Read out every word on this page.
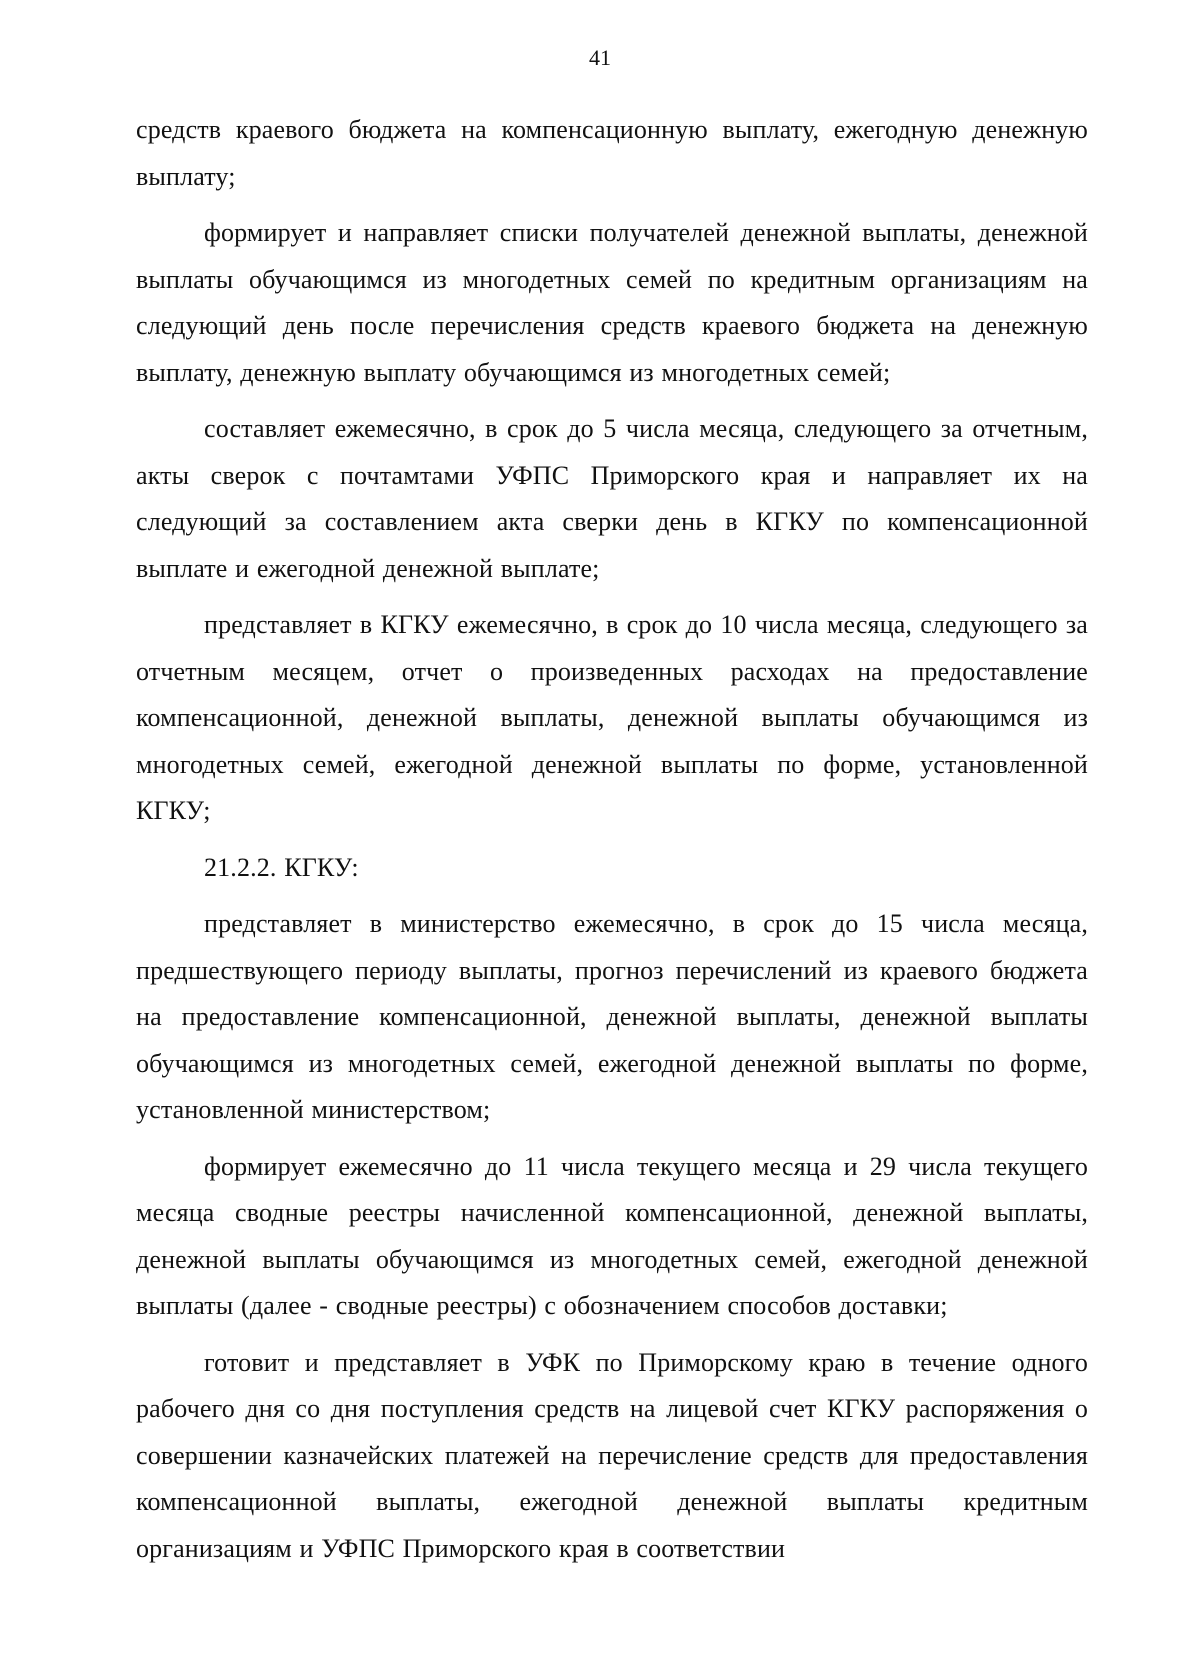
41

средств краевого бюджета на компенсационную выплату, ежегодную денежную выплату;

формирует и направляет списки получателей денежной выплаты, денежной выплаты обучающимся из многодетных семей по кредитным организациям на следующий день после перечисления средств краевого бюджета на денежную выплату, денежную выплату обучающимся из многодетных семей;

составляет ежемесячно, в срок до 5 числа месяца, следующего за отчетным, акты сверок с почтамтами УФПС Приморского края и направляет их на следующий за составлением акта сверки день в КГКУ по компенсационной выплате и ежегодной денежной выплате;

представляет в КГКУ ежемесячно, в срок до 10 числа месяца, следующего за отчетным месяцем, отчет о произведенных расходах на предоставление компенсационной, денежной выплаты, денежной выплаты обучающимся из многодетных семей, ежегодной денежной выплаты по форме, установленной КГКУ;

21.2.2. КГКУ:

представляет в министерство ежемесячно, в срок до 15 числа месяца, предшествующего периоду выплаты, прогноз перечислений из краевого бюджета на предоставление компенсационной, денежной выплаты, денежной выплаты обучающимся из многодетных семей, ежегодной денежной выплаты по форме, установленной министерством;

формирует ежемесячно до 11 числа текущего месяца и 29 числа текущего месяца сводные реестры начисленной компенсационной, денежной выплаты, денежной выплаты обучающимся из многодетных семей, ежегодной денежной выплаты (далее - сводные реестры) с обозначением способов доставки;

готовит и представляет в УФК по Приморскому краю в течение одного рабочего дня со дня поступления средств на лицевой счет КГКУ распоряжения о совершении казначейских платежей на перечисление средств для предоставления компенсационной выплаты, ежегодной денежной выплаты кредитным организациям и УФПС Приморского края в соответствии
